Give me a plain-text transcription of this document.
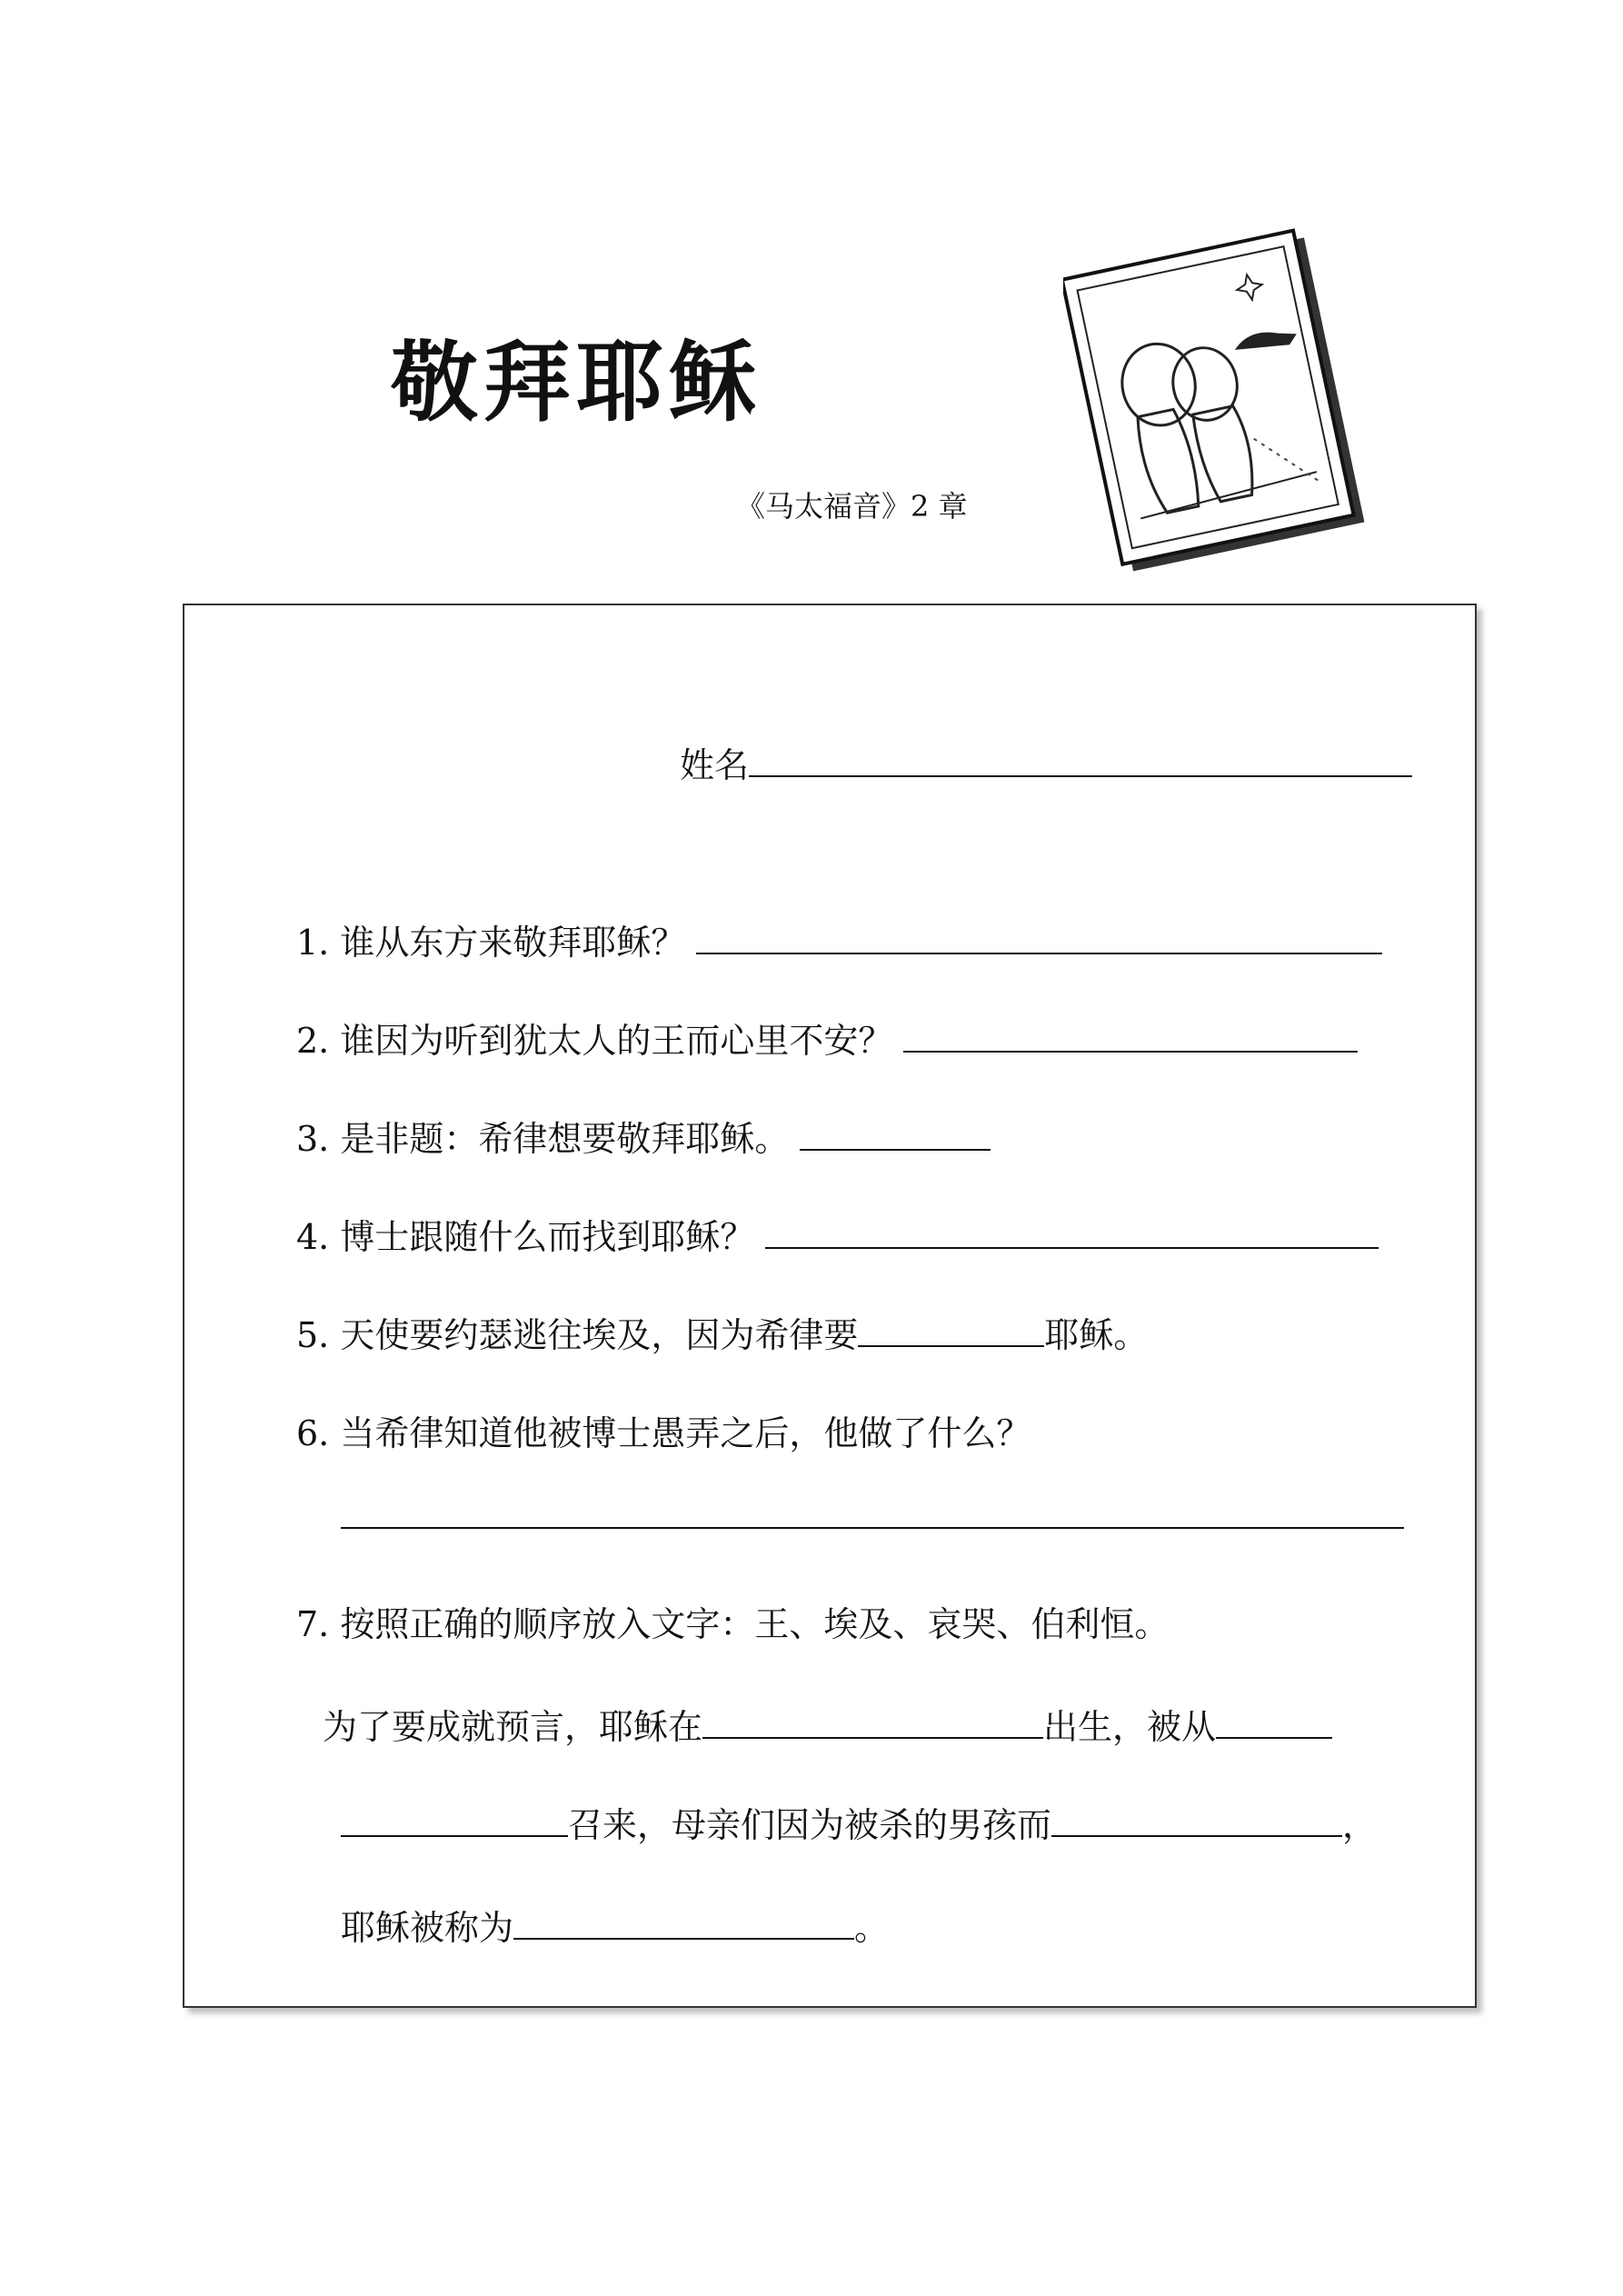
敬拜耶稣
《马太福音》2 章
姓名
1. 谁从东方来敬拜耶稣？
2. 谁因为听到犹太人的王而心里不安？
3. 是非题：希律想要敬拜耶稣。
4. 博士跟随什么而找到耶稣？
5. 天使要约瑟逃往埃及，因为希律要	耶稣。
6. 当希律知道他被博士愚弄之后，他做了什么？
7. 按照正确的顺序放入文字：王、埃及、哀哭、伯利恒。
为了要成就预言，耶稣在	出生，被从
召来，母亲们因为被杀的男孩而	，
耶稣被称为	。
